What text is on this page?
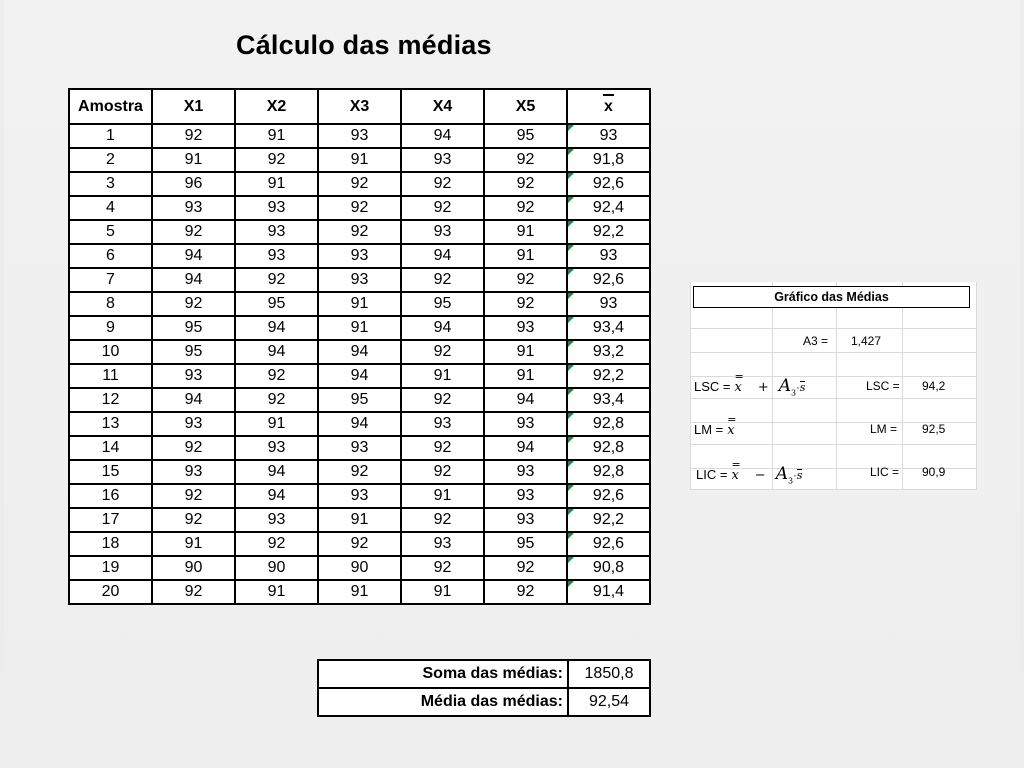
Cálculo das médias
Amostra	X1	X2	X3	X4	X5	x
1	92	91	93	94	95	93
2	91	92	91	93	92	91,8
3	96	91	92	92	92	92,6
4	93	93	92	92	92	92,4
5	92	93	92	93	91	92,2
6	94	93	93	94	91	93
7	94	92	93	92	92	92,6
8	92	95	91	95	92	93
9	95	94	91	94	93	93,4
10	95	94	94	92	91	93,2
11	93	92	94	91	91	92,2
12	94	92	95	92	94	93,4
13	93	91	94	93	93	92,8
14	92	93	93	92	94	92,8
15	93	94	92	92	93	92,8
16	92	94	93	91	93	92,6
17	92	93	91	92	93	92,2
18	91	92	92	93	95	92,6
19	90	90	90	92	92	90,8
20	92	91	91	91	92	91,4
Soma das médias:	1850,8
Média das médias:	92,54
Gráfico das Médias
A3 = 1,427
LSC =
=
$x + A_3 \cdot s$	LSC = 94,2
LM =
=
x	LM = 92,5
LIC =
=
$x - A_3 \cdot s$	LIC = 90,9
